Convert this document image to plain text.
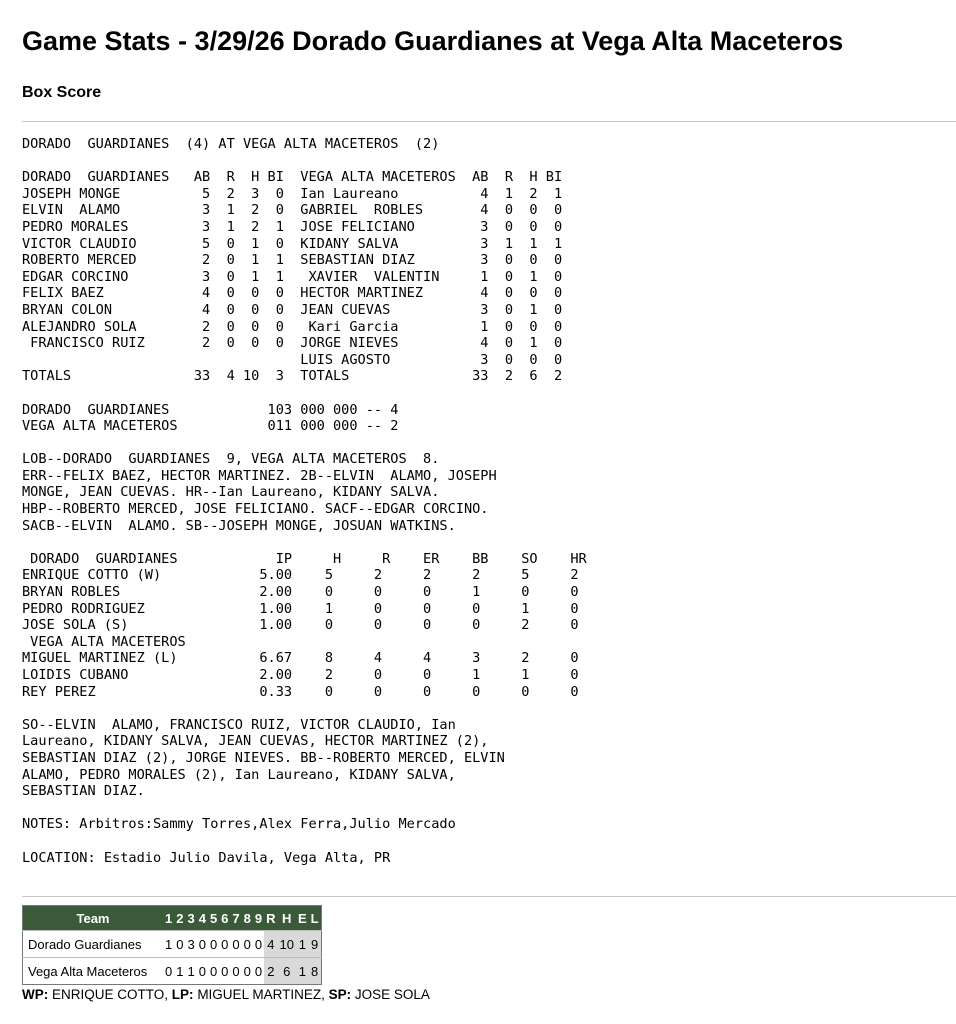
Game Stats - 3/29/26 Dorado Guardianes at Vega Alta Maceteros
Box Score
DORADO  GUARDIANES  (4) AT VEGA ALTA MACETEROS  (2)

DORADO  GUARDIANES   AB  R  H BI  VEGA ALTA MACETEROS  AB  R  H BI
JOSEPH MONGE          5  2  3  0  Ian Laureano          4  1  2  1
ELVIN  ALAMO          3  1  2  0  GABRIEL  ROBLES       4  0  0  0
PEDRO MORALES         3  1  2  1  JOSE FELICIANO        3  0  0  0
VICTOR CLAUDIO        5  0  1  0  KIDANY SALVA          3  1  1  1
ROBERTO MERCED        2  0  1  1  SEBASTIAN DIAZ        3  0  0  0
EDGAR CORCINO         3  0  1  1   XAVIER  VALENTIN     1  0  1  0
FELIX BAEZ            4  0  0  0  HECTOR MARTINEZ       4  0  0  0
BRYAN COLON           4  0  0  0  JEAN CUEVAS           3  0  1  0
ALEJANDRO SOLA        2  0  0  0   Kari Garcia          1  0  0  0
FRANCISCO RUIZ       2  0  0  0  JORGE NIEVES          4  0  1  0
LUIS AGOSTO           3  0  0  0
TOTALS               33  4 10  3  TOTALS               33  2  6  2

DORADO  GUARDIANES            103 000 000 -- 4
VEGA ALTA MACETEROS           011 000 000 -- 2

LOB--DORADO  GUARDIANES  9, VEGA ALTA MACETEROS  8.
ERR--FELIX BAEZ, HECTOR MARTINEZ. 2B--ELVIN  ALAMO, JOSEPH
MONGE, JEAN CUEVAS. HR--Ian Laureano, KIDANY SALVA.
HBP--ROBERTO MERCED, JOSE FELICIANO. SACF--EDGAR CORCINO.
SACB--ELVIN  ALAMO. SB--JOSEPH MONGE, JOSUAN WATKINS.

DORADO  GUARDIANES            IP     H     R    ER    BB    SO    HR
ENRIQUE COTTO (W)            5.00    5     2     2     2     5     2
BRYAN ROBLES                 2.00    0     0     0     1     0     0
PEDRO RODRIGUEZ              1.00    1     0     0     0     1     0
JOSE SOLA (S)                1.00    0     0     0     0     2     0
VEGA ALTA MACETEROS
MIGUEL MARTINEZ (L)          6.67    8     4     4     3     2     0
LOIDIS CUBANO                2.00    2     0     0     1     1     0
REY PEREZ                    0.33    0     0     0     0     0     0

SO--ELVIN  ALAMO, FRANCISCO RUIZ, VICTOR CLAUDIO, Ian
Laureano, KIDANY SALVA, JEAN CUEVAS, HECTOR MARTINEZ (2),
SEBASTIAN DIAZ (2), JORGE NIEVES. BB--ROBERTO MERCED, ELVIN
ALAMO, PEDRO MORALES (2), Ian Laureano, KIDANY SALVA,
SEBASTIAN DIAZ.

NOTES: Arbitros:Sammy Torres,Alex Ferra,Julio Mercado

LOCATION: Estadio Julio Davila, Vega Alta, PR
Team	1	2	3	4	5	6	7	8	9	R	H	E	L
Dorado Guardianes	1	0	3	0	0	0	0	0	0	4	10	1	9
Vega Alta Maceteros	0	1	1	0	0	0	0	0	0	2	6	1	8
WP: ENRIQUE COTTO, LP: MIGUEL MARTINEZ, SP: JOSE SOLA
